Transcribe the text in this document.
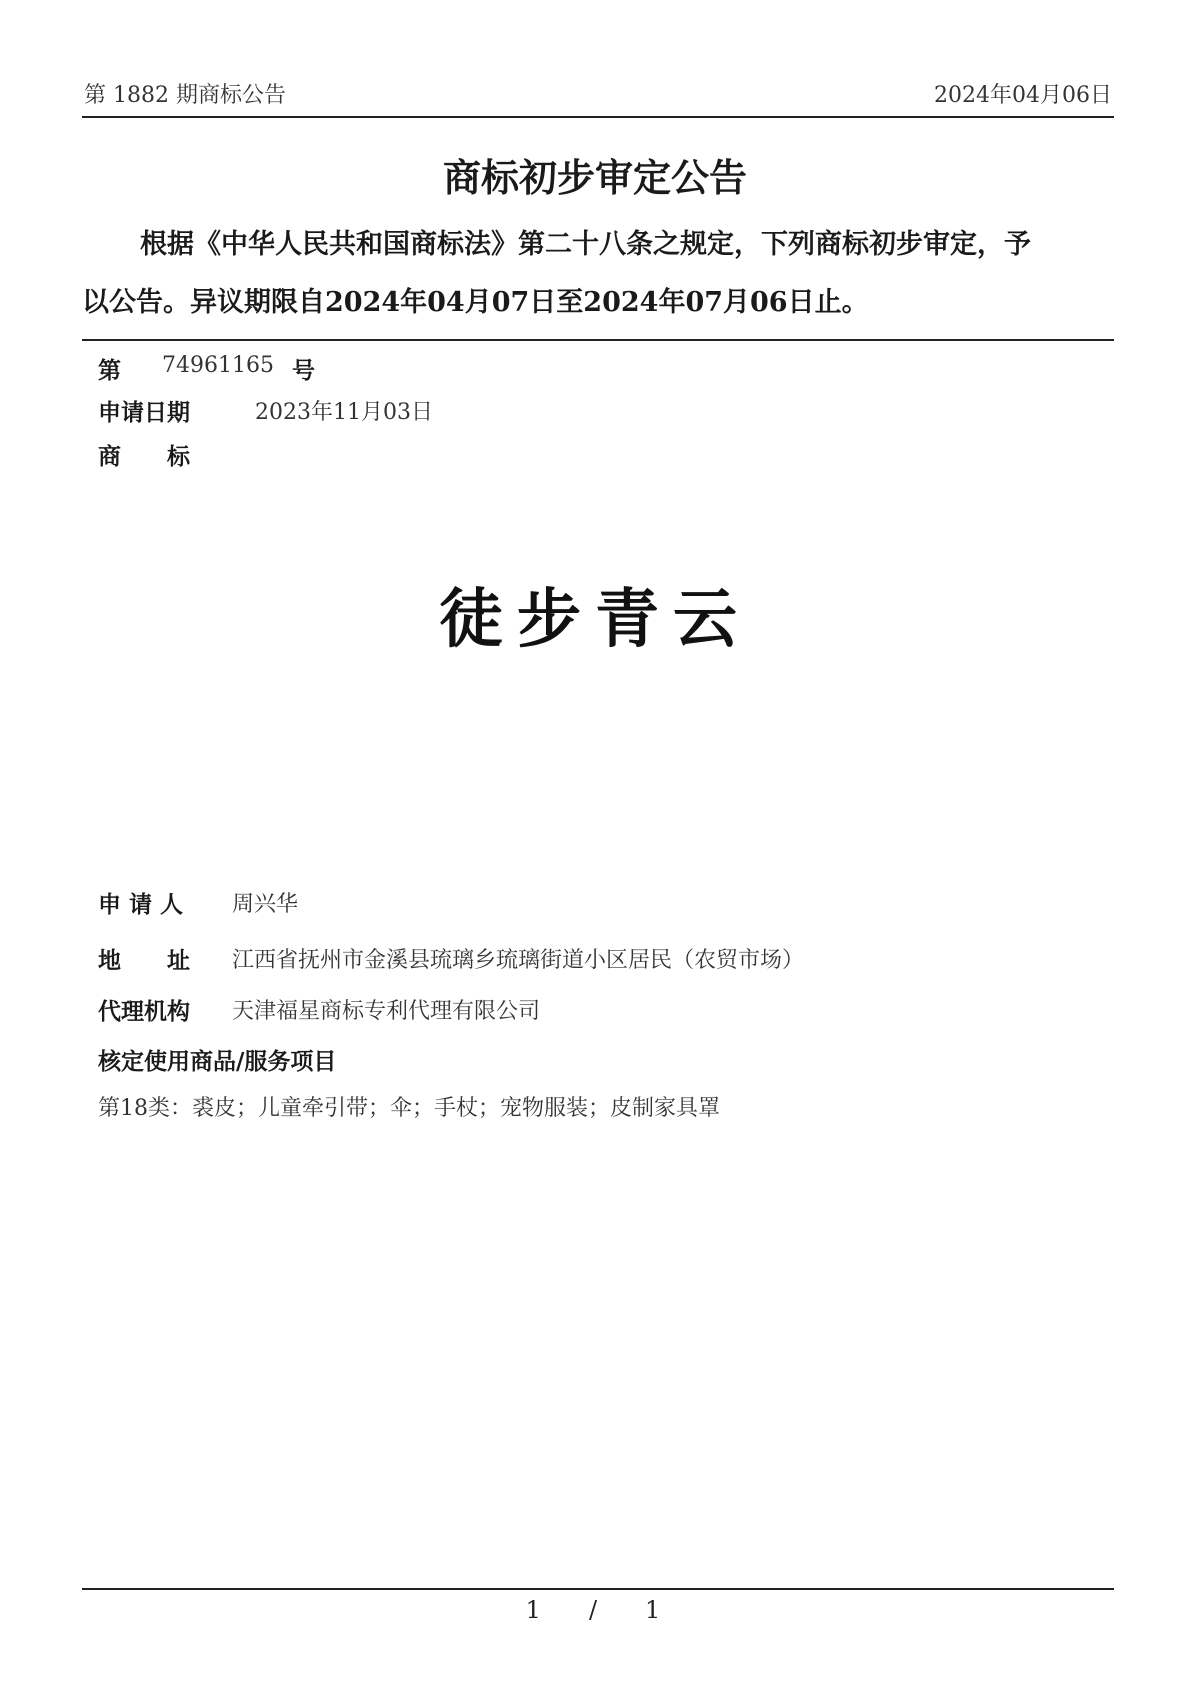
第 1882 期商标公告	2024年04月06日
商标初步审定公告
根据《中华人民共和国商标法》第二十八条之规定，下列商标初步审定，予
以公告。异议期限自2024年04月07日至2024年07月06日止。
第 74961165 号
申请日期	2023年11月03日
商　　标
徒步青云
申 请 人 周兴华
地　　址 江西省抚州市金溪县琉璃乡琉璃街道小区居民（农贸市场）
代理机构 天津福星商标专利代理有限公司
核定使用商品/服务项目
第18类：裘皮；儿童牵引带；伞；手杖；宠物服装；皮制家具罩
1 / 1
